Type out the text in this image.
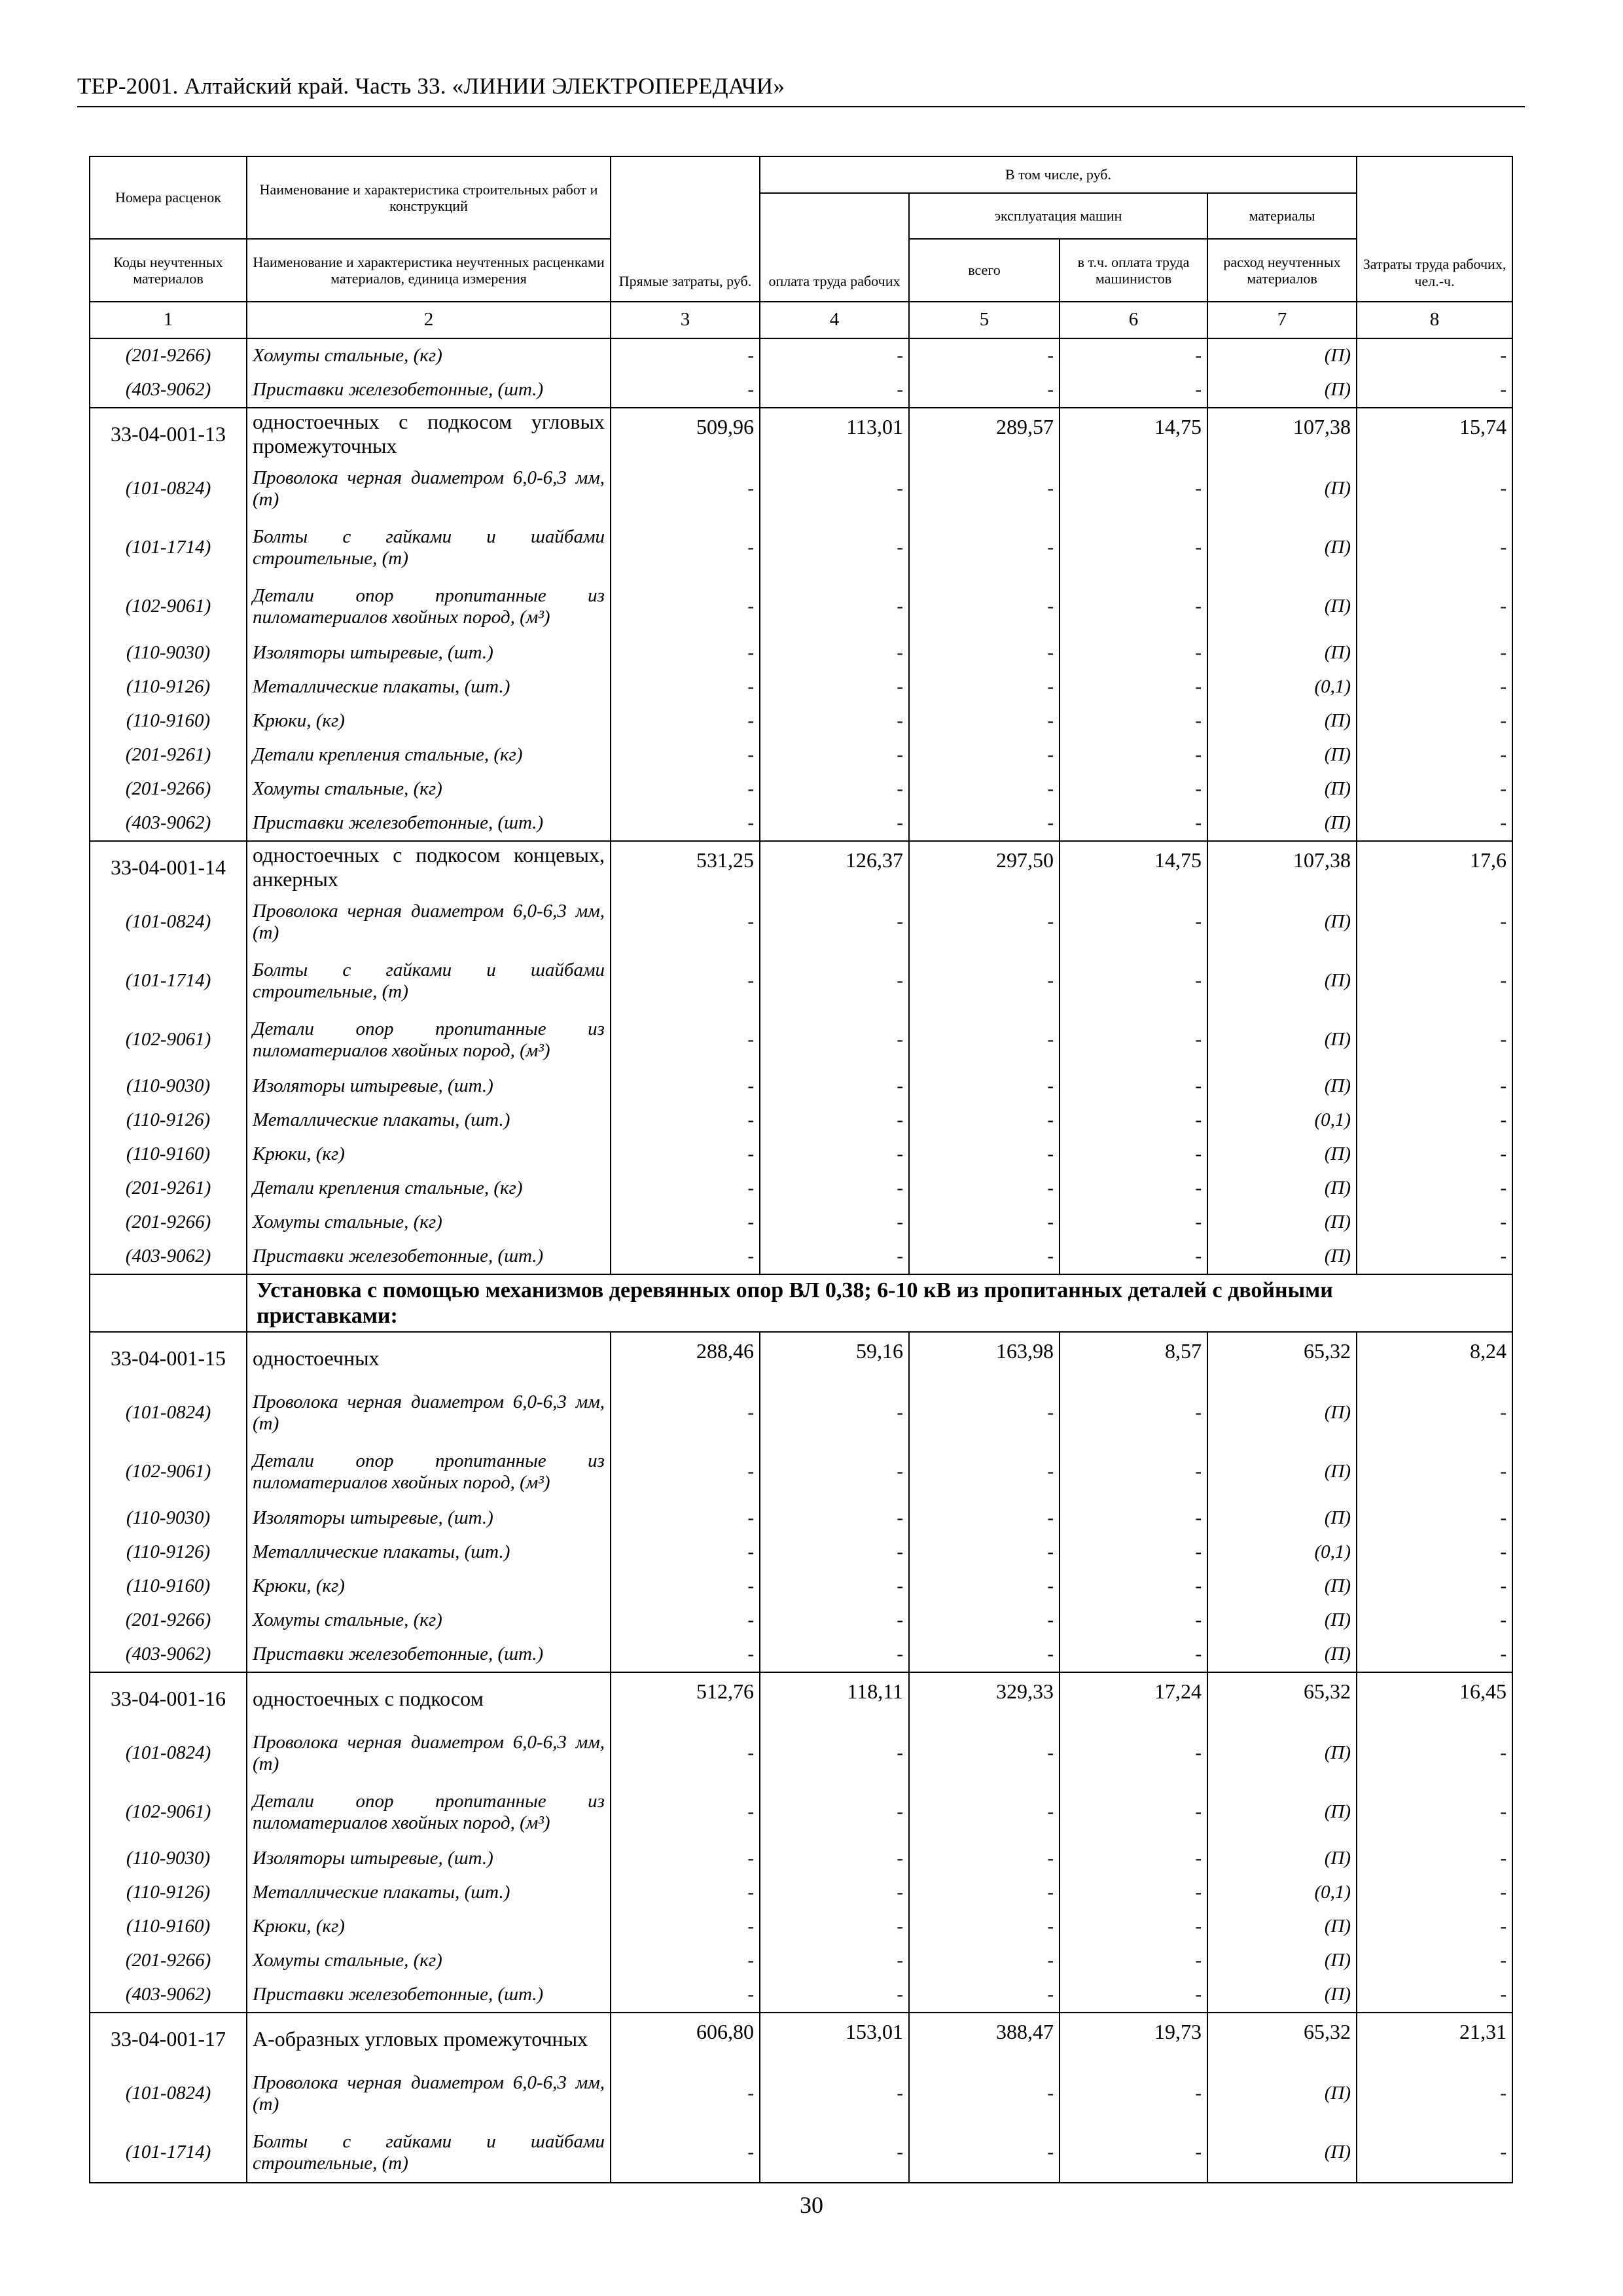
ТЕР-2001. Алтайский край. Часть 33. «ЛИНИИ ЭЛЕКТРОПЕРЕДАЧИ»
Номера расценок	Наименование и характеристика строительных работ и конструкций	Прямые затраты, руб.	В том числе, руб.				Затраты труда рабочих, чел.-ч.
			оплата труда рабочих	эксплуатация машин		материалы	
Коды неучтенных материалов	Наименование и характеристика неучтенных расценками материалов, единица измерения			всего	в т.ч. оплата труда машинистов	расход неучтенных материалов	
1	2	3	4	5	6	7	8
(201-9266)	Хомуты стальные, (кг)	-	-	-	-	(П)	-
(403-9062)	Приставки железобетонные, (шт.)	-	-	-	-	(П)	-
33-04-001-13	одностоечных с подкосом угловых промежуточных	509,96	113,01	289,57	14,75	107,38	15,74
(101-0824)	Проволока черная диаметром 6,0-6,3 мм, (т)	-	-	-	-	(П)	-
(101-1714)	Болты с гайками и шайбами строительные, (т)	-	-	-	-	(П)	-
(102-9061)	Детали опор пропитанные из пиломатериалов хвойных пород, (м³)	-	-	-	-	(П)	-
(110-9030)	Изоляторы штыревые, (шт.)	-	-	-	-	(П)	-
(110-9126)	Металлические плакаты, (шт.)	-	-	-	-	(0,1)	-
(110-9160)	Крюки, (кг)	-	-	-	-	(П)	-
(201-9261)	Детали крепления стальные, (кг)	-	-	-	-	(П)	-
(201-9266)	Хомуты стальные, (кг)	-	-	-	-	(П)	-
(403-9062)	Приставки железобетонные, (шт.)	-	-	-	-	(П)	-
33-04-001-14	одностоечных с подкосом концевых, анкерных	531,25	126,37	297,50	14,75	107,38	17,6
(101-0824)	Проволока черная диаметром 6,0-6,3 мм, (т)	-	-	-	-	(П)	-
(101-1714)	Болты с гайками и шайбами строительные, (т)	-	-	-	-	(П)	-
(102-9061)	Детали опор пропитанные из пиломатериалов хвойных пород, (м³)	-	-	-	-	(П)	-
(110-9030)	Изоляторы штыревые, (шт.)	-	-	-	-	(П)	-
(110-9126)	Металлические плакаты, (шт.)	-	-	-	-	(0,1)	-
(110-9160)	Крюки, (кг)	-	-	-	-	(П)	-
(201-9261)	Детали крепления стальные, (кг)	-	-	-	-	(П)	-
(201-9266)	Хомуты стальные, (кг)	-	-	-	-	(П)	-
(403-9062)	Приставки железобетонные, (шт.)	-	-	-	-	(П)	-
	Установка с помощью механизмов деревянных опор ВЛ 0,38; 6-10 кВ из пропитанных деталей с двойными приставками:						
33-04-001-15	одностоечных	288,46	59,16	163,98	8,57	65,32	8,24
(101-0824)	Проволока черная диаметром 6,0-6,3 мм, (т)	-	-	-	-	(П)	-
(102-9061)	Детали опор пропитанные из пиломатериалов хвойных пород, (м³)	-	-	-	-	(П)	-
(110-9030)	Изоляторы штыревые, (шт.)	-	-	-	-	(П)	-
(110-9126)	Металлические плакаты, (шт.)	-	-	-	-	(0,1)	-
(110-9160)	Крюки, (кг)	-	-	-	-	(П)	-
(201-9266)	Хомуты стальные, (кг)	-	-	-	-	(П)	-
(403-9062)	Приставки железобетонные, (шт.)	-	-	-	-	(П)	-
33-04-001-16	одностоечных с подкосом	512,76	118,11	329,33	17,24	65,32	16,45
(101-0824)	Проволока черная диаметром 6,0-6,3 мм, (т)	-	-	-	-	(П)	-
(102-9061)	Детали опор пропитанные из пиломатериалов хвойных пород, (м³)	-	-	-	-	(П)	-
(110-9030)	Изоляторы штыревые, (шт.)	-	-	-	-	(П)	-
(110-9126)	Металлические плакаты, (шт.)	-	-	-	-	(0,1)	-
(110-9160)	Крюки, (кг)	-	-	-	-	(П)	-
(201-9266)	Хомуты стальные, (кг)	-	-	-	-	(П)	-
(403-9062)	Приставки железобетонные, (шт.)	-	-	-	-	(П)	-
33-04-001-17	А-образных угловых промежуточных	606,80	153,01	388,47	19,73	65,32	21,31
(101-0824)	Проволока черная диаметром 6,0-6,3 мм, (т)	-	-	-	-	(П)	-
(101-1714)	Болты с гайками и шайбами строительные, (т)	-	-	-	-	(П)	-
30
